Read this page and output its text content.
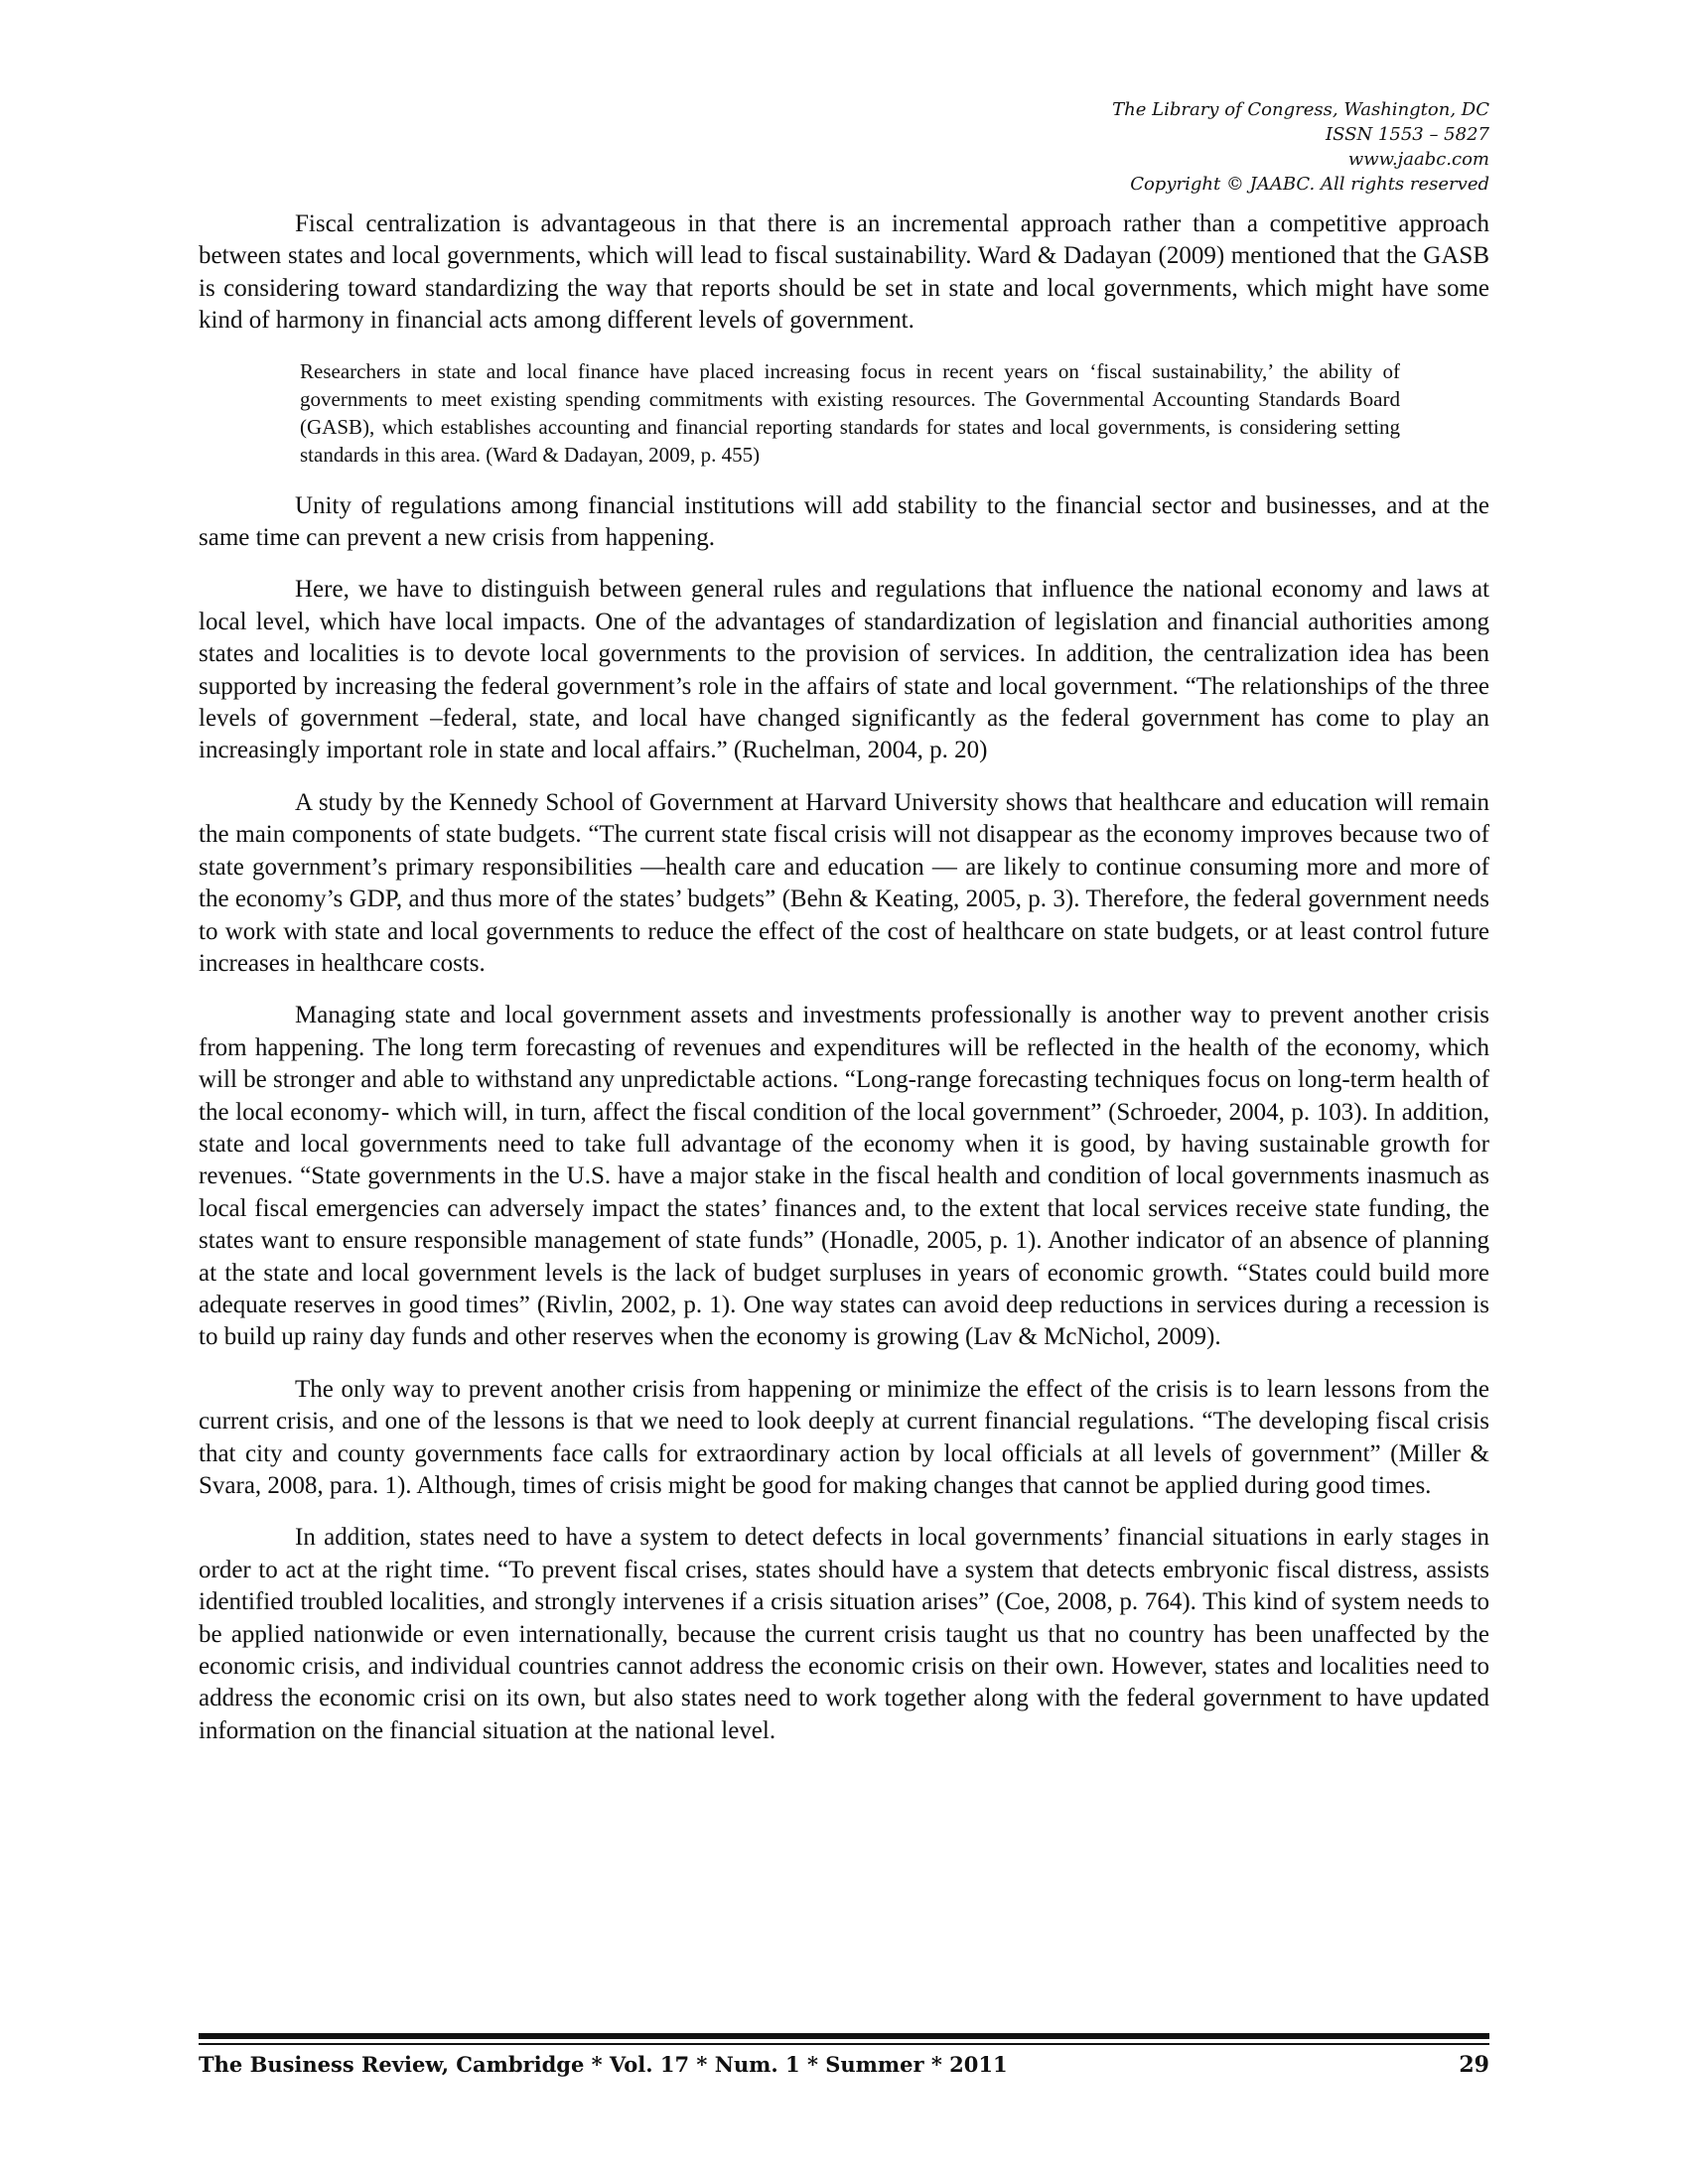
The Library of Congress, Washington, DC
ISSN 1553 – 5827
www.jaabc.com
Copyright © JAABC. All rights reserved

Fiscal centralization is advantageous in that there is an incremental approach rather than a competitive approach between states and local governments, which will lead to fiscal sustainability. Ward & Dadayan (2009) mentioned that the GASB is considering toward standardizing the way that reports should be set in state and local governments, which might have some kind of harmony in financial acts among different levels of government.

Researchers in state and local finance have placed increasing focus in recent years on ‘fiscal sustainability,’ the ability of governments to meet existing spending commitments with existing resources. The Governmental Accounting Standards Board (GASB), which establishes accounting and financial reporting standards for states and local governments, is considering setting standards in this area. (Ward & Dadayan, 2009, p. 455)

Unity of regulations among financial institutions will add stability to the financial sector and businesses, and at the same time can prevent a new crisis from happening.

Here, we have to distinguish between general rules and regulations that influence the national economy and laws at local level, which have local impacts. One of the advantages of standardization of legislation and financial authorities among states and localities is to devote local governments to the provision of services. In addition, the centralization idea has been supported by increasing the federal government’s role in the affairs of state and local government. “The relationships of the three levels of government –federal, state, and local have changed significantly as the federal government has come to play an increasingly important role in state and local affairs.” (Ruchelman, 2004, p. 20)

A study by the Kennedy School of Government at Harvard University shows that healthcare and education will remain the main components of state budgets. “The current state fiscal crisis will not disappear as the economy improves because two of state government’s primary responsibilities —health care and education — are likely to continue consuming more and more of the economy’s GDP, and thus more of the states’ budgets” (Behn & Keating, 2005, p. 3). Therefore, the federal government needs to work with state and local governments to reduce the effect of the cost of healthcare on state budgets, or at least control future increases in healthcare costs.

Managing state and local government assets and investments professionally is another way to prevent another crisis from happening. The long term forecasting of revenues and expenditures will be reflected in the health of the economy, which will be stronger and able to withstand any unpredictable actions. “Long-range forecasting techniques focus on long-term health of the local economy- which will, in turn, affect the fiscal condition of the local government” (Schroeder, 2004, p. 103). In addition, state and local governments need to take full advantage of the economy when it is good, by having sustainable growth for revenues. “State governments in the U.S. have a major stake in the fiscal health and condition of local governments inasmuch as local fiscal emergencies can adversely impact the states’ finances and, to the extent that local services receive state funding, the states want to ensure responsible management of state funds” (Honadle, 2005, p. 1). Another indicator of an absence of planning at the state and local government levels is the lack of budget surpluses in years of economic growth. “States could build more adequate reserves in good times” (Rivlin, 2002, p. 1). One way states can avoid deep reductions in services during a recession is to build up rainy day funds and other reserves when the economy is growing (Lav & McNichol, 2009).

The only way to prevent another crisis from happening or minimize the effect of the crisis is to learn lessons from the current crisis, and one of the lessons is that we need to look deeply at current financial regulations. “The developing fiscal crisis that city and county governments face calls for extraordinary action by local officials at all levels of government” (Miller & Svara, 2008, para. 1). Although, times of crisis might be good for making changes that cannot be applied during good times.

In addition, states need to have a system to detect defects in local governments’ financial situations in early stages in order to act at the right time. “To prevent fiscal crises, states should have a system that detects embryonic fiscal distress, assists identified troubled localities, and strongly intervenes if a crisis situation arises” (Coe, 2008, p. 764). This kind of system needs to be applied nationwide or even internationally, because the current crisis taught us that no country has been unaffected by the economic crisis, and individual countries cannot address the economic crisis on their own. However, states and localities need to address the economic crisi on its own, but also states need to work together along with the federal government to have updated information on the financial situation at the national level.

The Business Review, Cambridge * Vol. 17 * Num. 1 * Summer * 2011	29
